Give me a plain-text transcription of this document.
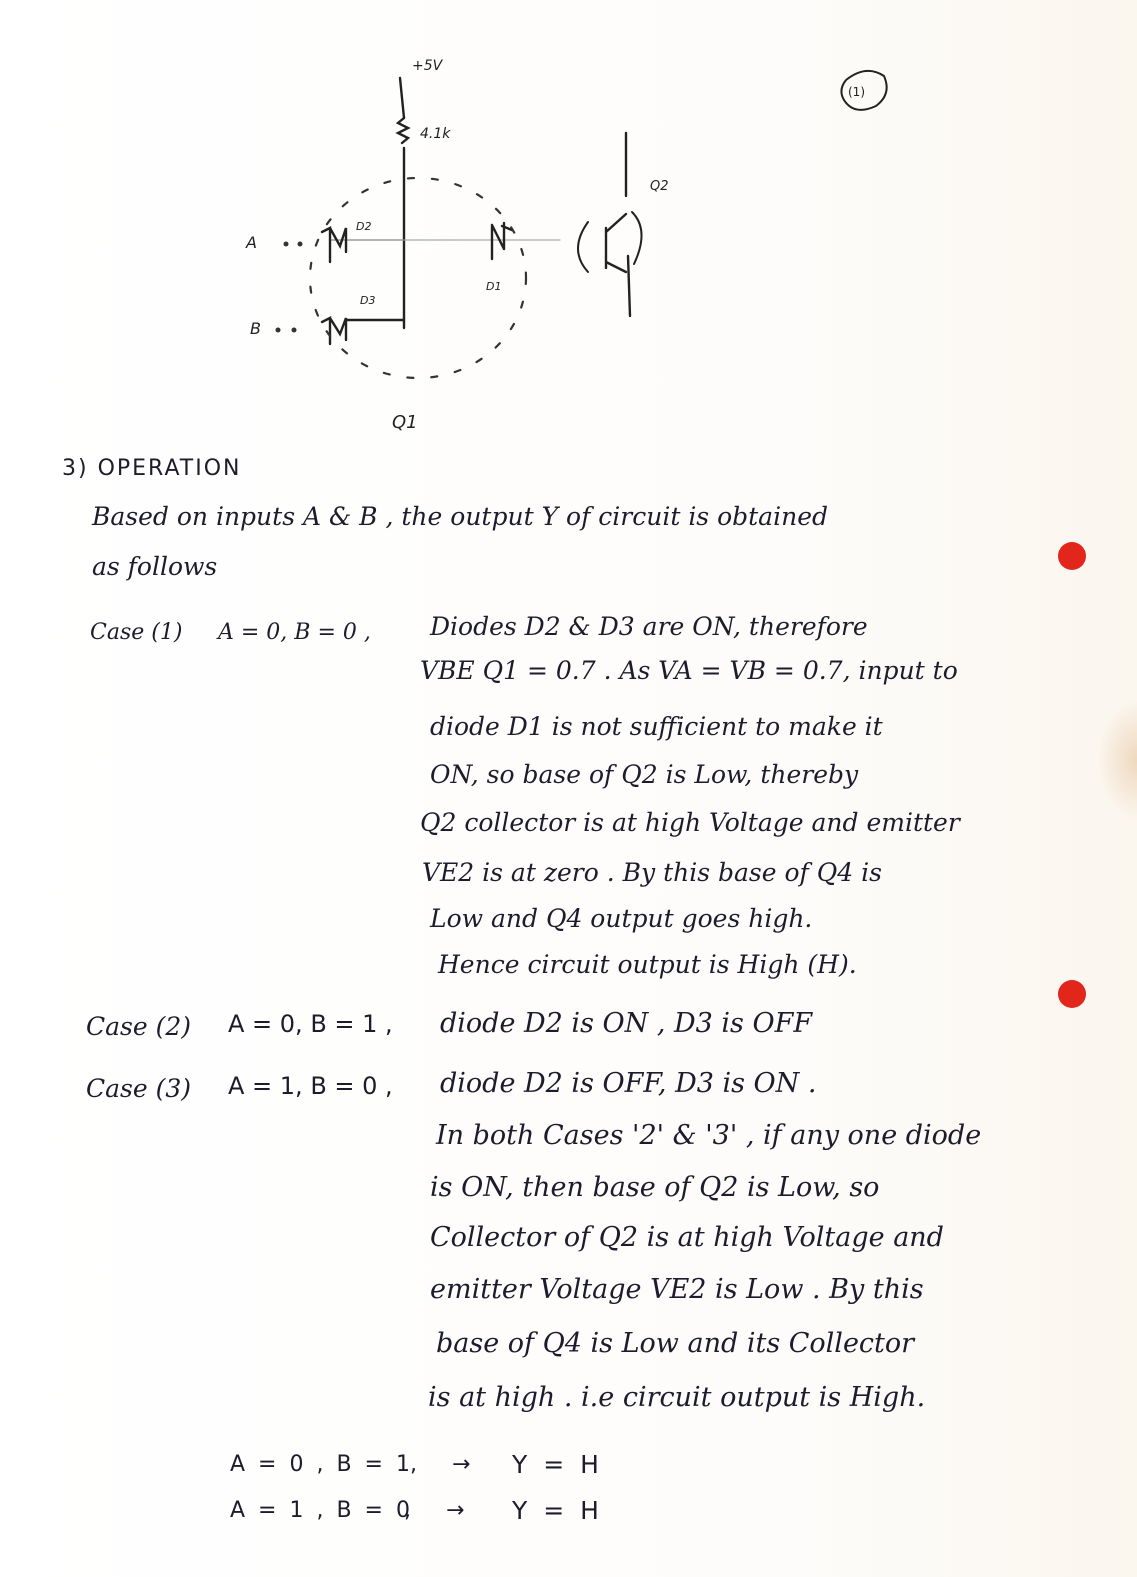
+5V
4.1k
A
B
D2
D3
D1
Q1
Q2
(1)
3) OPERATION
Based on inputs A & B , the output Y of circuit is obtained
as follows
Case (1) A = 0, B = 0 , Diodes D2 & D3 are ON, therefore
VBE Q1 = 0.7 . As VA = VB = 0.7, input to
diode D1 is not sufficient to make it
ON, so base of Q2 is Low, thereby
Q2 collector is at high Voltage and emitter
VE2 is at zero . By this base of Q4 is
Low and Q4 output goes high.
Hence circuit output is High (H).
Case (2) A = 0, B = 1 , diode D2 is ON , D3 is OFF
Case (3) A = 1, B = 0 , diode D2 is OFF, D3 is ON .
In both Cases '2' & '3' , if any one diode
is ON, then base of Q2 is Low, so
Collector of Q2 is at high Voltage and
emitter Voltage VE2 is Low . By this
base of Q4 is Low and its Collector
is at high . i.e circuit output is High.
A = 0 , B = 1
, → Y = H
A = 1 , B = 0
, → Y = H
